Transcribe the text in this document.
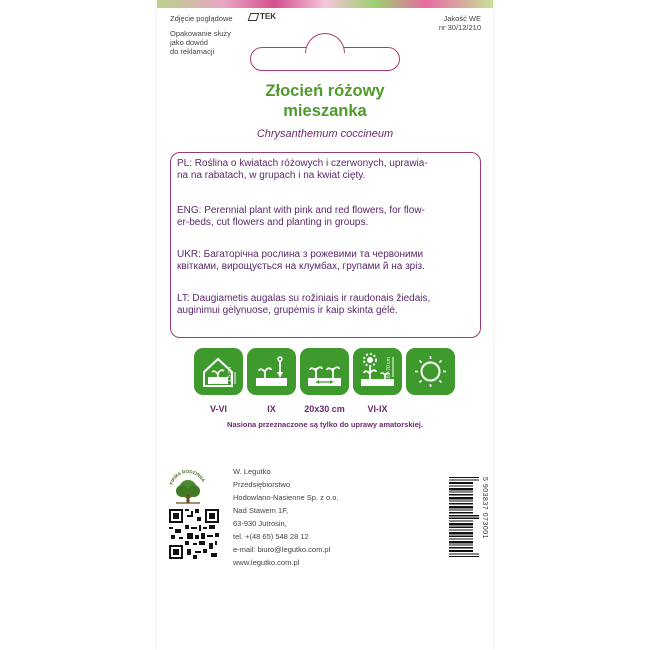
Zdjęcie poglądowe	TEK	Jakość WE
nr 30/12/210
Opakowanie służy
jako dowód
do reklamacji
Złocień różowy
mieszanka
Chrysanthemum coccineum
PL: Roślina o kwiatach różowych i czerwonych, uprawia-
na na rabatach, w grupach i na kwiat cięty.
ENG: Perennial plant with pink and red flowers, for flow-
er-beds, cut flowers and planting in groups.
UKR: Багаторічна рослина з рожевими та червоними
квітками, вирощується на клумбах, групами й на зріз.
LT: Daugiametis augalas su rožiniais ir raudonais žiedais,
auginimui gėlynuose, grupėmis ir kaip skinta gėlė.
1,5 cm	60-70 cm
V-VI	IX	20x30 cm	VI-IX
Nasiona przeznaczone są tylko do uprawy amatorskiej.
FIRMA RODZINNA
W. Legutko
Przedsiębiorstwo
Hodowlano-Nasienne Sp. z o.o.
Nad Stawem 1F,
63-930 Jutrosin,
tel. +(48 65) 548 28 12
e-mail: biuro@legutko.com.pl
www.legutko.com.pl
5 903837 073001
